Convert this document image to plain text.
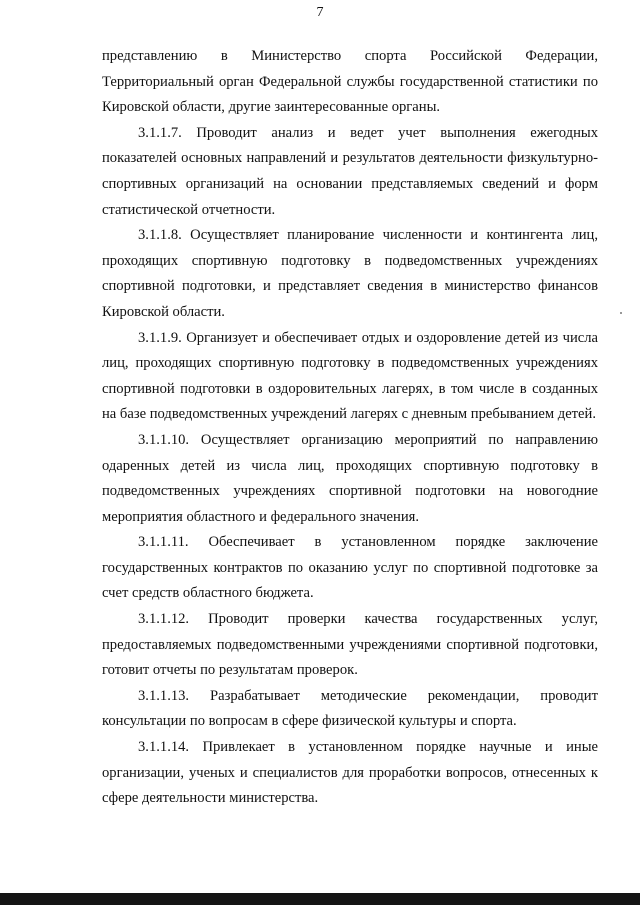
7

представлению в Министерство спорта Российской Федерации, Территориальный орган Федеральной службы государственной статистики по Кировской области, другие заинтересованные органы.

3.1.1.7. Проводит анализ и ведет учет выполнения ежегодных показателей основных направлений и результатов деятельности физкультурно-спортивных организаций на основании представляемых сведений и форм статистической отчетности.

3.1.1.8. Осуществляет планирование численности и контингента лиц, проходящих спортивную подготовку в подведомственных учреждениях спортивной подготовки, и представляет сведения в министерство финансов Кировской области.

3.1.1.9. Организует и обеспечивает отдых и оздоровление детей из числа лиц, проходящих спортивную подготовку в подведомственных учреждениях спортивной подготовки в оздоровительных лагерях, в том числе в созданных на базе подведомственных учреждений лагерях с дневным пребыванием детей.

3.1.1.10. Осуществляет организацию мероприятий по направлению одаренных детей из числа лиц, проходящих спортивную подготовку в подведомственных учреждениях спортивной подготовки на новогодние мероприятия областного и федерального значения.

3.1.1.11. Обеспечивает в установленном порядке заключение государственных контрактов по оказанию услуг по спортивной подготовке за счет средств областного бюджета.

3.1.1.12. Проводит проверки качества государственных услуг, предоставляемых подведомственными учреждениями спортивной подготовки, готовит отчеты по результатам проверок.

3.1.1.13. Разрабатывает методические рекомендации, проводит консультации по вопросам в сфере физической культуры и спорта.

3.1.1.14. Привлекает в установленном порядке научные и иные организации, ученых и специалистов для проработки вопросов, отнесенных к сфере деятельности министерства.
